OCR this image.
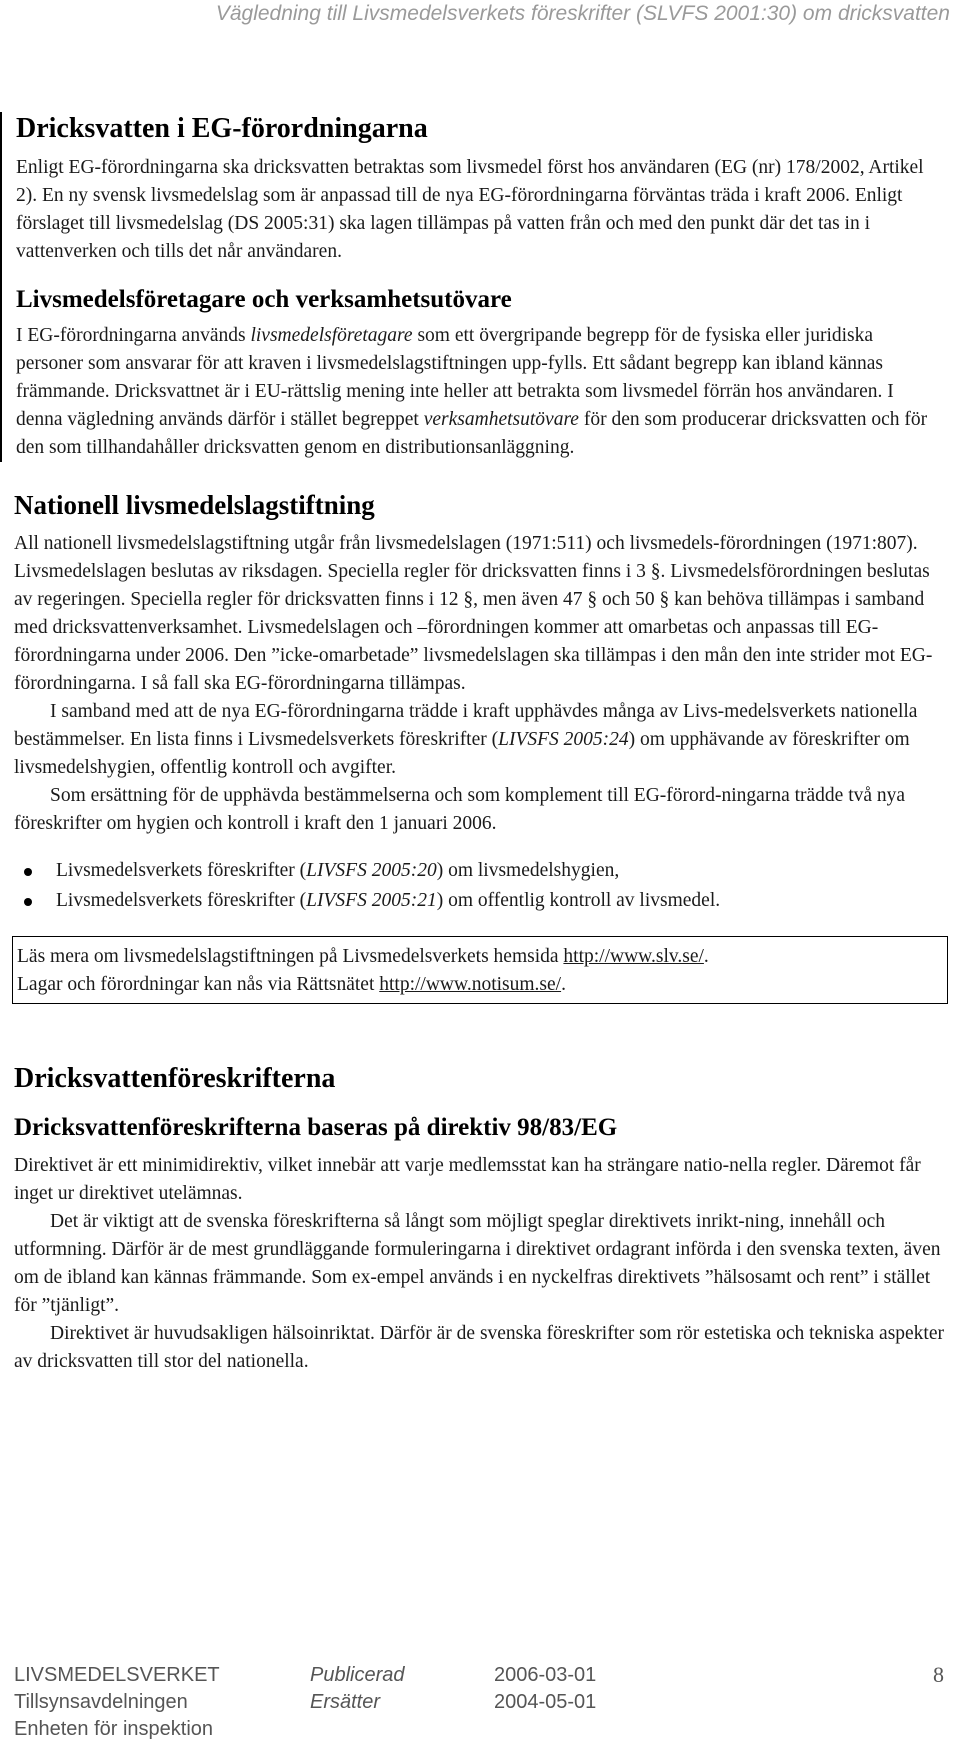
Vägledning till Livsmedelsverkets föreskrifter (SLVFS 2001:30) om dricksvatten
Dricksvatten i EG-förordningarna

Enligt EG-förordningarna ska dricksvatten betraktas som livsmedel först hos användaren (EG (nr) 178/2002, Artikel 2). En ny svensk livsmedelslag som är anpassad till de nya EG-förordningarna förväntas träda i kraft 2006. Enligt förslaget till livsmedelslag (DS 2005:31) ska lagen tillämpas på vatten från och med den punkt där det tas in i vattenverken och tills det når användaren.

Livsmedelsföretagare och verksamhetsutövare

I EG-förordningarna används livsmedelsföretagare som ett övergripande begrepp för de fysiska eller juridiska personer som ansvarar för att kraven i livsmedelslagstiftningen upp-fylls. Ett sådant begrepp kan ibland kännas främmande. Dricksvattnet är i EU-rättslig mening inte heller att betrakta som livsmedel förrän hos användaren. I denna vägledning används därför i stället begreppet verksamhetsutövare för den som producerar dricksvatten och för den som tillhandahåller dricksvatten genom en distributionsanläggning.

Nationell livsmedelslagstiftning

All nationell livsmedelslagstiftning utgår från livsmedelslagen (1971:511) och livsmedels-förordningen (1971:807). Livsmedelslagen beslutas av riksdagen. Speciella regler för dricksvatten finns i 3 §. Livsmedelsförordningen beslutas av regeringen. Speciella regler för dricksvatten finns i 12 §, men även 47 § och 50 § kan behöva tillämpas i samband med dricksvattenverksamhet. Livsmedelslagen och –förordningen kommer att omarbetas och anpassas till EG-förordningarna under 2006. Den ”icke-omarbetade” livsmedelslagen ska tillämpas i den mån den inte strider mot EG-förordningarna. I så fall ska EG-förordningarna tillämpas.

I samband med att de nya EG-förordningarna trädde i kraft upphävdes många av Livs-medelsverkets nationella bestämmelser. En lista finns i Livsmedelsverkets föreskrifter (LIVSFS 2005:24) om upphävande av föreskrifter om livsmedelshygien, offentlig kontroll och avgifter.

Som ersättning för de upphävda bestämmelserna och som komplement till EG-förord-ningarna trädde två nya föreskrifter om hygien och kontroll i kraft den 1 januari 2006.

Livsmedelsverkets föreskrifter (LIVSFS 2005:20) om livsmedelshygien,
Livsmedelsverkets föreskrifter (LIVSFS 2005:21) om offentlig kontroll av livsmedel.

Läs mera om livsmedelslagstiftningen på Livsmedelsverkets hemsida http://www.slv.se/.

Lagar och förordningar kan nås via Rättsnätet http://www.notisum.se/.

Dricksvattenföreskrifterna
Dricksvattenföreskrifterna baseras på direktiv 98/83/EG

Direktivet är ett minimidirektiv, vilket innebär att varje medlemsstat kan ha strängare natio-nella regler. Däremot får inget ur direktivet utelämnas.

Det är viktigt att de svenska föreskrifterna så långt som möjligt speglar direktivets inrikt-ning, innehåll och utformning. Därför är de mest grundläggande formuleringarna i direktivet ordagrant införda i den svenska texten, även om de ibland kan kännas främmande. Som ex-empel används i en nyckelfras direktivets ”hälsosamt och rent” i stället för ”tjänligt”.

Direktivet är huvudsakligen hälsoinriktat. Därför är de svenska föreskrifter som rör estetiska och tekniska aspekter av dricksvatten till stor del nationella.

LIVSMEDELSVERKET
Tillsynsavdelningen
Enheten för inspektion
Publicerad
Ersätter
2006-03-01
2004-05-01
8
